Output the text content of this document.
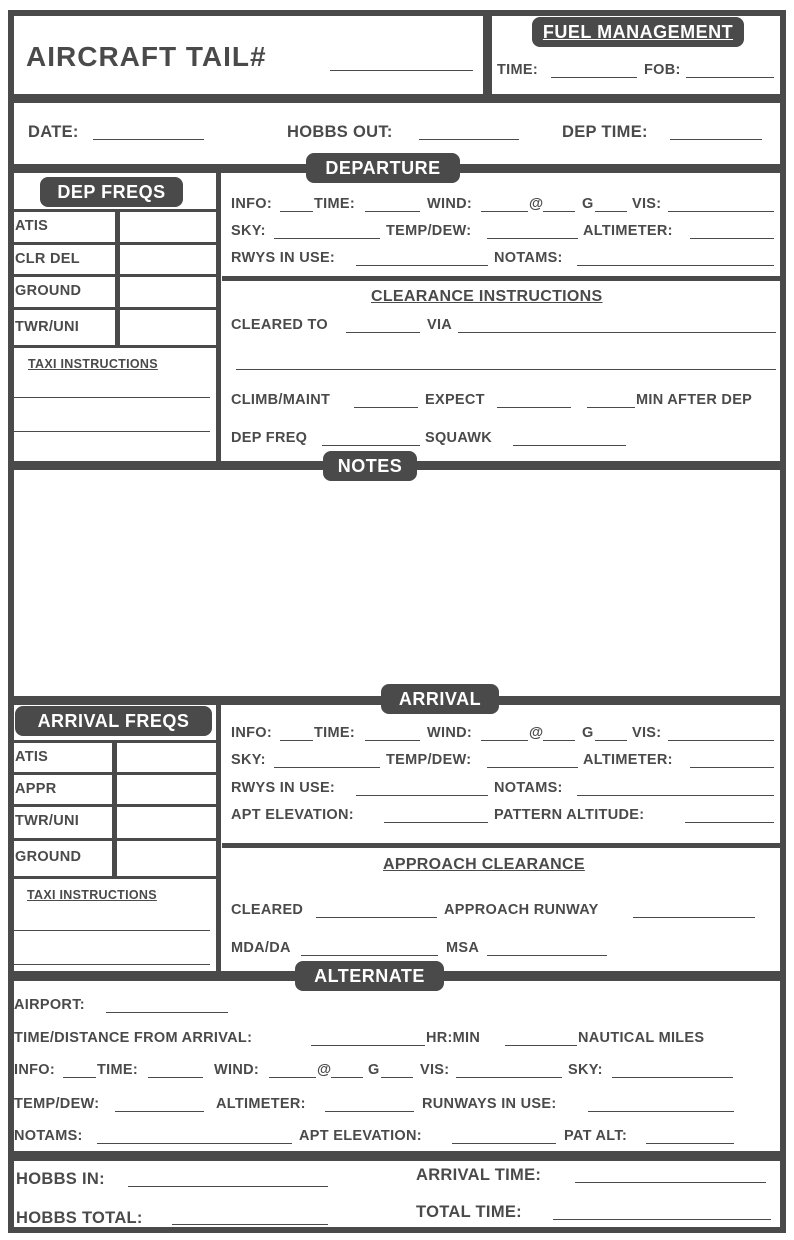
AIRCRAFT TAIL#
FUEL MANAGEMENT
TIME:	FOB:
DATE:	HOBBS OUT:	DEP TIME:
DEPARTURE
DEP FREQS
ATIS
CLR DEL
GROUND
TWR/UNI
TAXI INSTRUCTIONS
INFO:	TIME:	WIND:	@	G	VIS:
SKY:	TEMP/DEW:	ALTIMETER:
RWYS IN USE:	NOTAMS:
CLEARANCE INSTRUCTIONS
CLEARED TO	VIA
CLIMB/MAINT	EXPECT	MIN AFTER DEP
DEP FREQ	SQUAWK
NOTES
ARRIVAL
ARRIVAL FREQS
ATIS
APPR
TWR/UNI
GROUND
TAXI INSTRUCTIONS
INFO:	TIME:	WIND:	@	G	VIS:
SKY:	TEMP/DEW:	ALTIMETER:
RWYS IN USE:	NOTAMS:
APT ELEVATION:	PATTERN ALTITUDE:
APPROACH CLEARANCE
CLEARED	APPROACH RUNWAY
MDA/DA	MSA
ALTERNATE
AIRPORT:
TIME/DISTANCE FROM ARRIVAL:	HR:MIN	NAUTICAL MILES
INFO:	TIME:	WIND:	@	G	VIS:	SKY:
TEMP/DEW:	ALTIMETER:	RUNWAYS IN USE:
NOTAMS:	APT ELEVATION:	PAT ALT:
HOBBS IN:
HOBBS TOTAL:
ARRIVAL TIME:
TOTAL TIME:
